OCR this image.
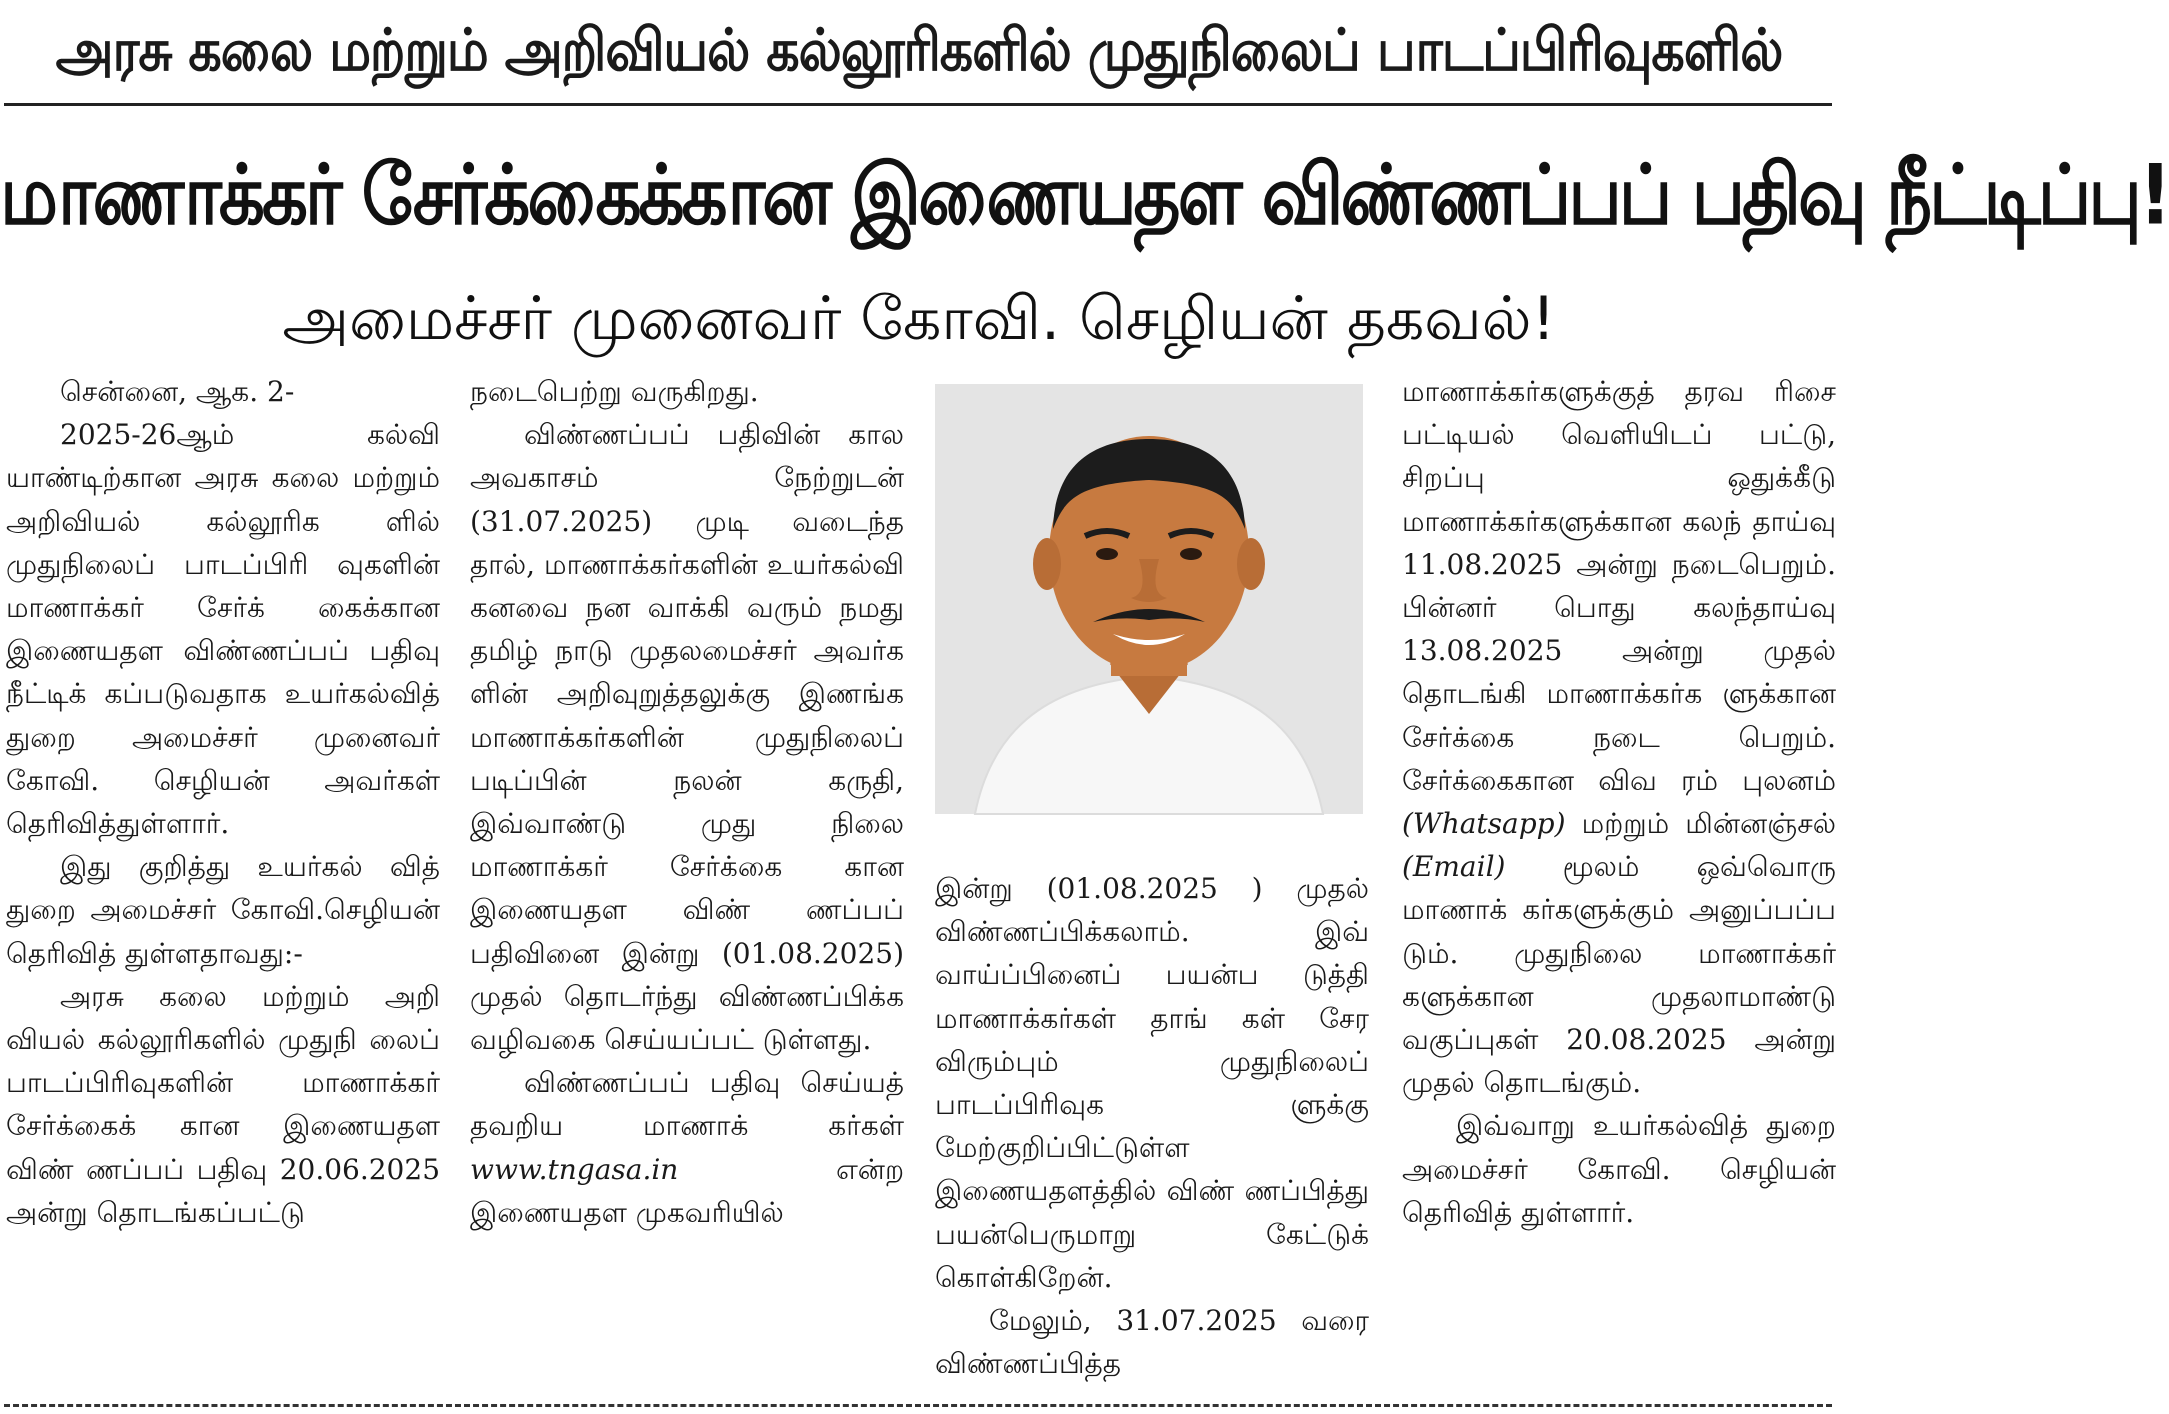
அரசு கலை மற்றும் அறிவியல் கல்லூரிகளில் முதுநிலைப் பாடப்பிரிவுகளில்
மாணாக்கர் சேர்க்கைக்கான இணையதள விண்ணப்பப் பதிவு நீட்டிப்பு!
அமைச்சர் முனைவர் கோவி. செழியன் தகவல்!

சென்னை, ஆக. 2-

2025-26ஆம் கல்வி யாண்டிற்கான அரசு கலை மற்றும் அறிவியல் கல்லூரிக ளில் முதுநிலைப் பாடப்பிரி வுகளின் மாணாக்கர் சேர்க் கைக்கான இணையதள விண்ணப்பப் பதிவு நீட்டிக் கப்படுவதாக உயர்கல்வித் துறை அமைச்சர் முனைவர் கோவி. செழியன் அவர்கள் தெரிவித்துள்ளார்.

இது குறித்து உயர்கல் வித் துறை அமைச்சர் கோவி.செழியன் தெரிவித் துள்ளதாவது:-

அரசு கலை மற்றும் அறி வியல் கல்லூரிகளில் முதுநி லைப் பாடப்பிரிவுகளின் மாணாக்கர் சேர்க்கைக் கான இணையதள விண் ணப்பப் பதிவு 20.06.2025 அன்று தொடங்கப்பட்டு

நடைபெற்று வருகிறது.

விண்ணப்பப் பதிவின் கால அவகாசம் நேற்றுடன் (31.07.2025) முடி வடைந்த தால், மாணாக்கர்களின் உயர்கல்வி கனவை நன வாக்கி வரும் நமது தமிழ் நாடு முதலமைச்சர் அவர்க ளின் அறிவுறுத்தலுக்கு இணங்க மாணாக்கர்களின் முதுநிலைப் படிப்பின் நலன் கருதி, இவ்வாண்டு முது நிலை மாணாக்கர் சேர்க்கை கான இணையதள விண் ணப்பப் பதிவினை இன்று (01.08.2025) முதல் தொடர்ந்து விண்ணப்பிக்க வழிவகை செய்யப்பட் டுள்ளது.

விண்ணப்பப் பதிவு செய்யத் தவறிய மாணாக் கர்கள் www.tngasa.in	என்ற இணையதள முகவரியில்

இன்று (01.08.2025 ) முதல் விண்ணப்பிக்கலாம். இவ் வாய்ப்பினைப் பயன்ப டுத்தி மாணாக்கர்கள் தாங் கள் சேர விரும்பும் முதுநிலைப் பாடப்பிரிவுக ளுக்கு மேற்குறிப்பிட்டுள்ள இணையதளத்தில் விண் ணப்பித்து பயன்பெருமாறு கேட்டுக் கொள்கிறேன்.

மேலும், 31.07.2025 வரை விண்ணப்பித்த

மாணாக்கர்களுக்குத் தரவ ரிசை பட்டியல் வெளியிடப் பட்டு, சிறப்பு ஒதுக்கீடு மாணாக்கர்களுக்கான கலந் தாய்வு 11.08.2025 அன்று நடைபெறும். பின்னர் பொது கலந்தாய்வு 13.08.2025 அன்று முதல் தொடங்கி மாணாக்கர்க ளுக்கான சேர்க்கை நடை பெறும். சேர்க்கைகான விவ ரம் புலனம் (Whatsapp) மற்றும் மின்னஞ்சல் (Email) மூலம் ஒவ்வொரு மாணாக் கர்களுக்கும் அனுப்பப்ப டும். முதுநிலை மாணாக்கர் களுக்கான முதலாமாண்டு வகுப்புகள் 20.08.2025 அன்று முதல் தொடங்கும்.

இவ்வாறு உயர்கல்வித் துறை அமைச்சர் கோவி. செழியன் தெரிவித் துள்ளார்.
